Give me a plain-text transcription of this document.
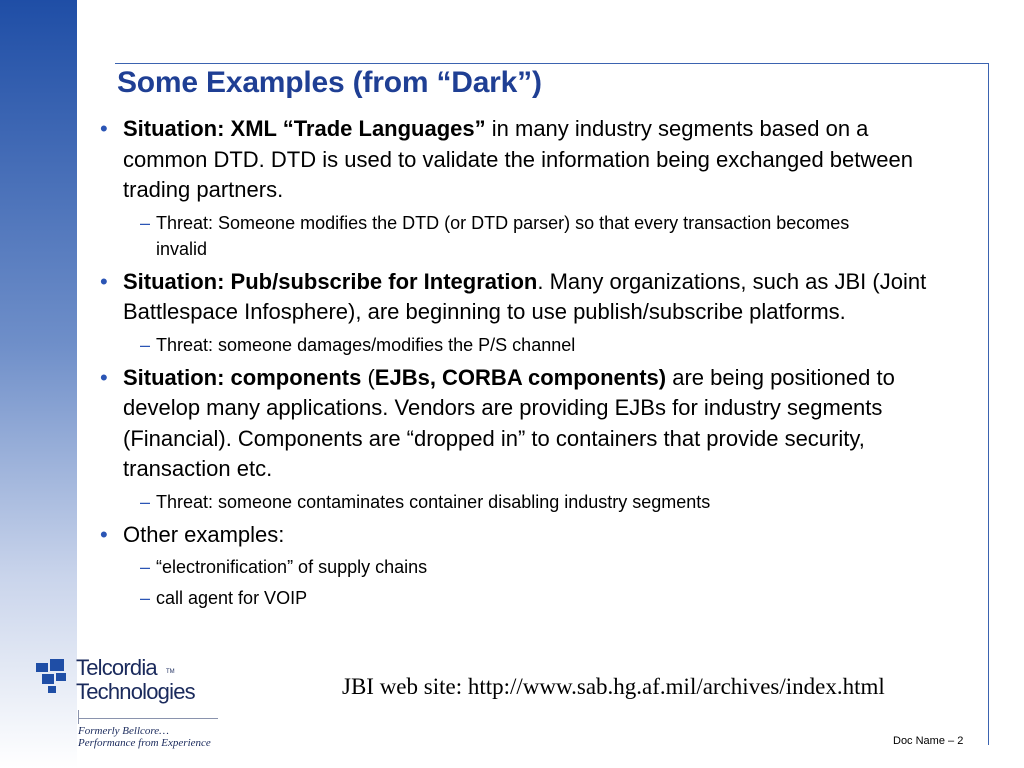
Some Examples (from “Dark”)
• Situation: XML “Trade Languages” in many industry segments based on a common DTD. DTD is used to validate the information being exchanged between trading partners.
– Threat: Someone modifies the DTD (or DTD parser) so that every transaction becomes invalid
• Situation: Pub/subscribe for Integration. Many organizations, such as JBI (Joint Battlespace Infosphere), are beginning to use publish/subscribe platforms.
– Threat: someone damages/modifies the P/S channel
• Situation: components (EJBs, CORBA components) are being positioned to develop many applications. Vendors are providing EJBs for industry segments (Financial). Components are “dropped in” to containers that provide security, transaction etc.
– Threat: someone contaminates container disabling industry segments
• Other examples:
– “electronification” of supply chains
– call agent for VOIP
Telcordia TM
Technologies
Formerly Bellcore…
Performance from Experience
JBI web site: http://www.sab.hg.af.mil/archives/index.html
Doc Name – 2
